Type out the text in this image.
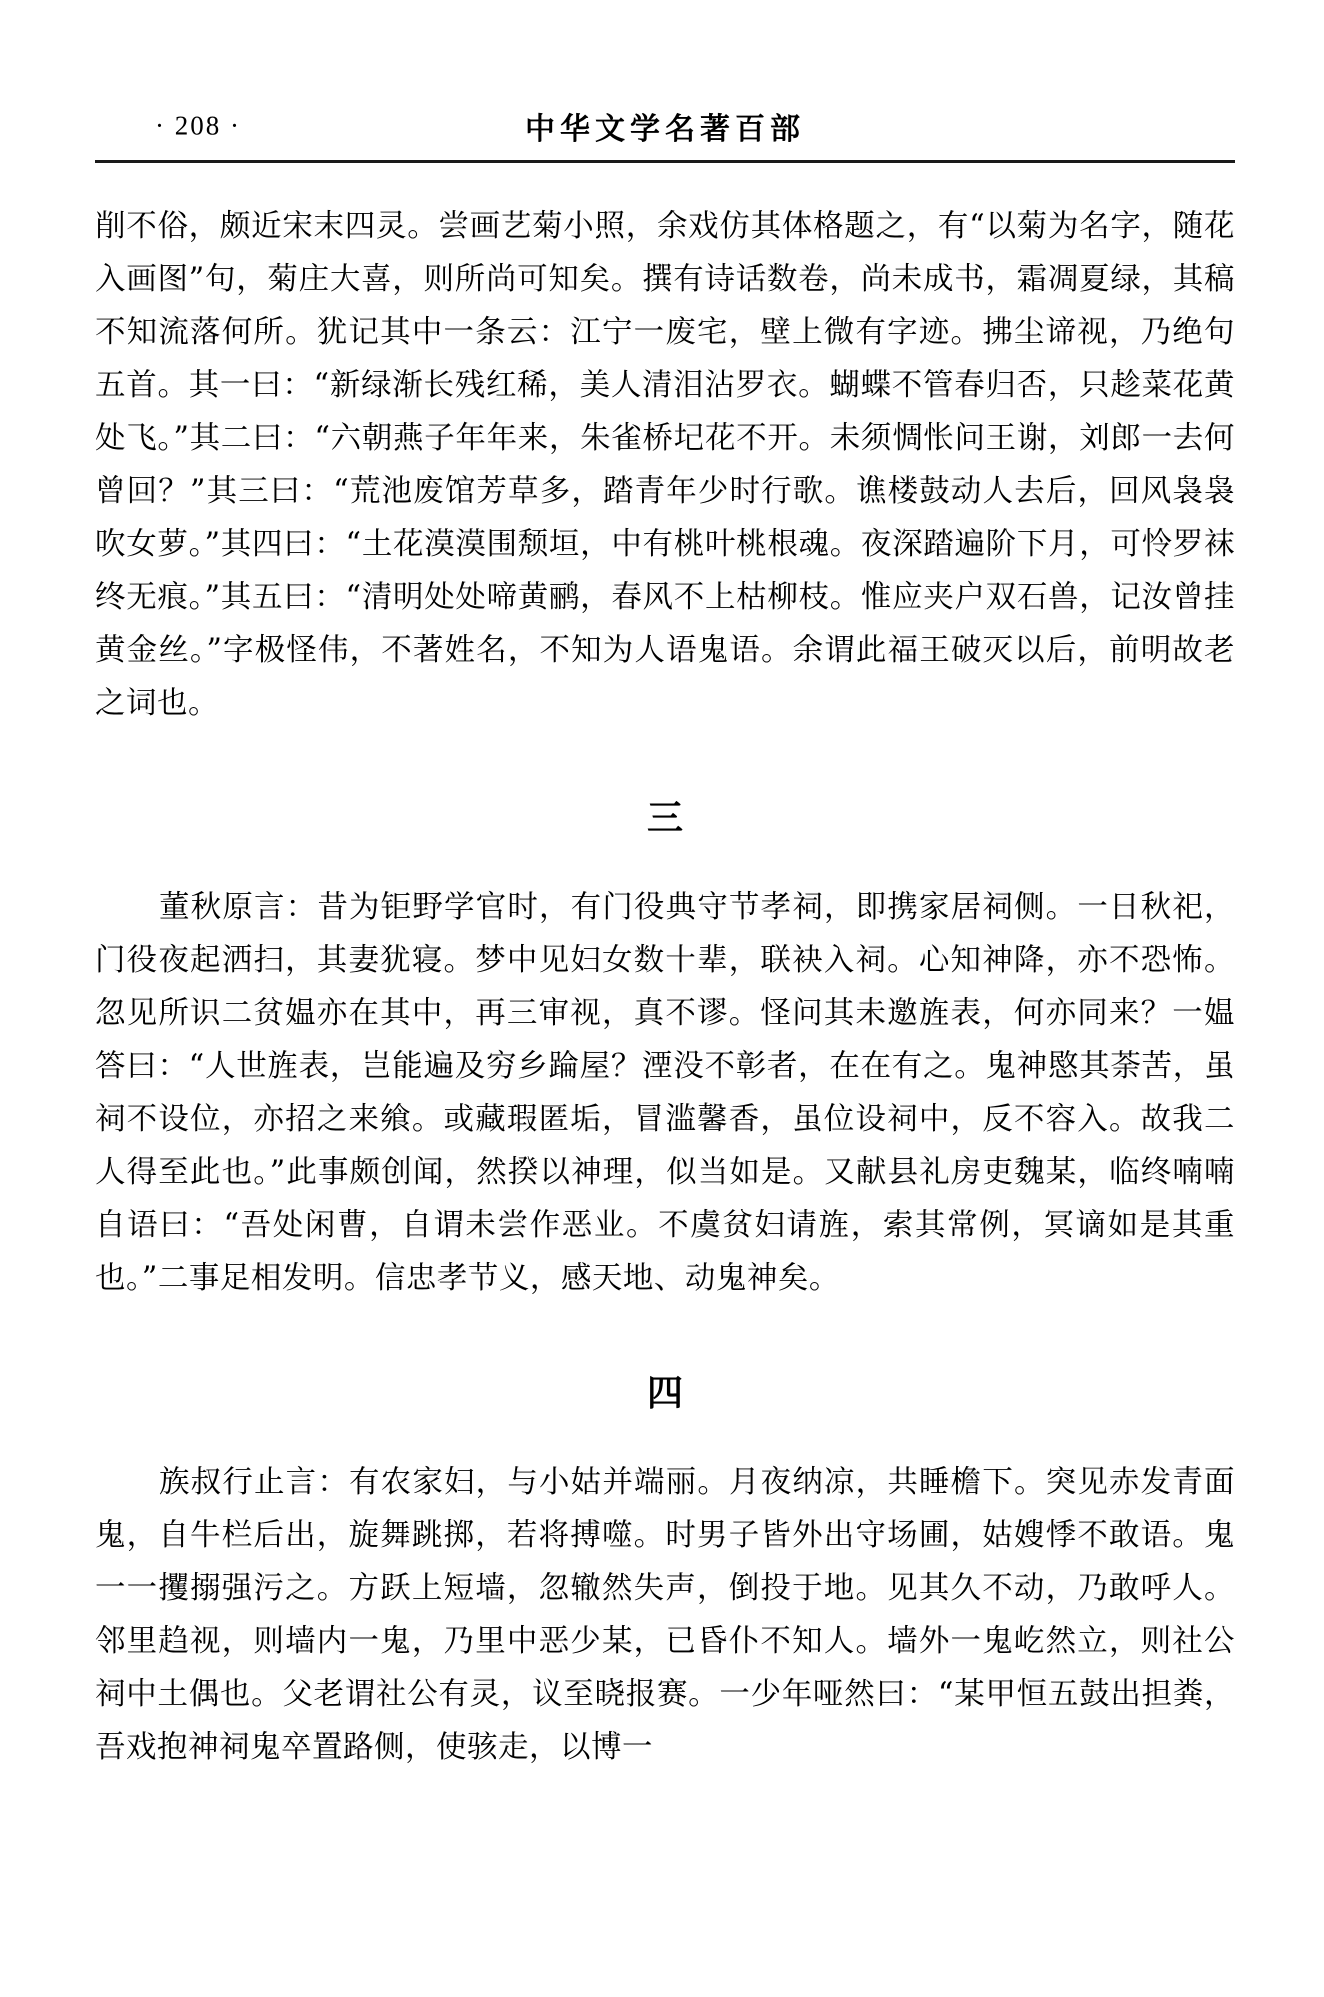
· 208 ·	中华文学名著百部

削不俗，颇近宋末四灵。尝画艺菊小照，余戏仿其体格题之，有“以菊为名字，随花入画图”句，菊庄大喜，则所尚可知矣。撰有诗话数卷，尚未成书，霜凋夏绿，其稿不知流落何所。犹记其中一条云：江宁一废宅，壁上微有字迹。拂尘谛视，乃绝句五首。其一曰：“新绿渐长残红稀，美人清泪沾罗衣。蝴蝶不管春归否，只趁菜花黄处飞。”其二曰：“六朝燕子年年来，朱雀桥圮花不开。未须惆怅问王谢，刘郎一去何曾回？”其三曰：“荒池废馆芳草多，踏青年少时行歌。谯楼鼓动人去后，回风袅袅吹女萝。”其四曰：“土花漠漠围颓垣，中有桃叶桃根魂。夜深踏遍阶下月，可怜罗袜终无痕。”其五曰：“清明处处啼黄鹂，春风不上枯柳枝。惟应夹户双石兽，记汝曾挂黄金丝。”字极怪伟，不著姓名，不知为人语鬼语。余谓此福王破灭以后，前明故老之词也。

三

董秋原言：昔为钜野学官时，有门役典守节孝祠，即携家居祠侧。一日秋祀，门役夜起洒扫，其妻犹寝。梦中见妇女数十辈，联袂入祠。心知神降，亦不恐怖。忽见所识二贫媪亦在其中，再三审视，真不谬。怪问其未邀旌表，何亦同来？一媪答曰：“人世旌表，岂能遍及穷乡踚屋？湮没不彰者，在在有之。鬼神愍其荼苦，虽祠不设位，亦招之来飨。或藏瑕匿垢，冒滥馨香，虽位设祠中，反不容入。故我二人得至此也。”此事颇创闻，然揆以神理，似当如是。又献县礼房吏魏某，临终喃喃自语曰：“吾处闲曹，自谓未尝作恶业。不虞贫妇请旌，索其常例，冥谪如是其重也。”二事足相发明。信忠孝节义，感天地、动鬼神矣。

四

族叔行止言：有农家妇，与小姑并端丽。月夜纳凉，共睡檐下。突见赤发青面鬼，自牛栏后出，旋舞跳掷，若将搏噬。时男子皆外出守场圃，姑嫂悸不敢语。鬼一一攫搦强污之。方跃上短墙，忽辙然失声，倒投于地。见其久不动，乃敢呼人。邻里趋视，则墙内一鬼，乃里中恶少某，已昏仆不知人。墙外一鬼屹然立，则社公祠中土偶也。父老谓社公有灵，议至晓报赛。一少年哑然曰：“某甲恒五鼓出担粪，吾戏抱神祠鬼卒置路侧，使骇走，以博一
